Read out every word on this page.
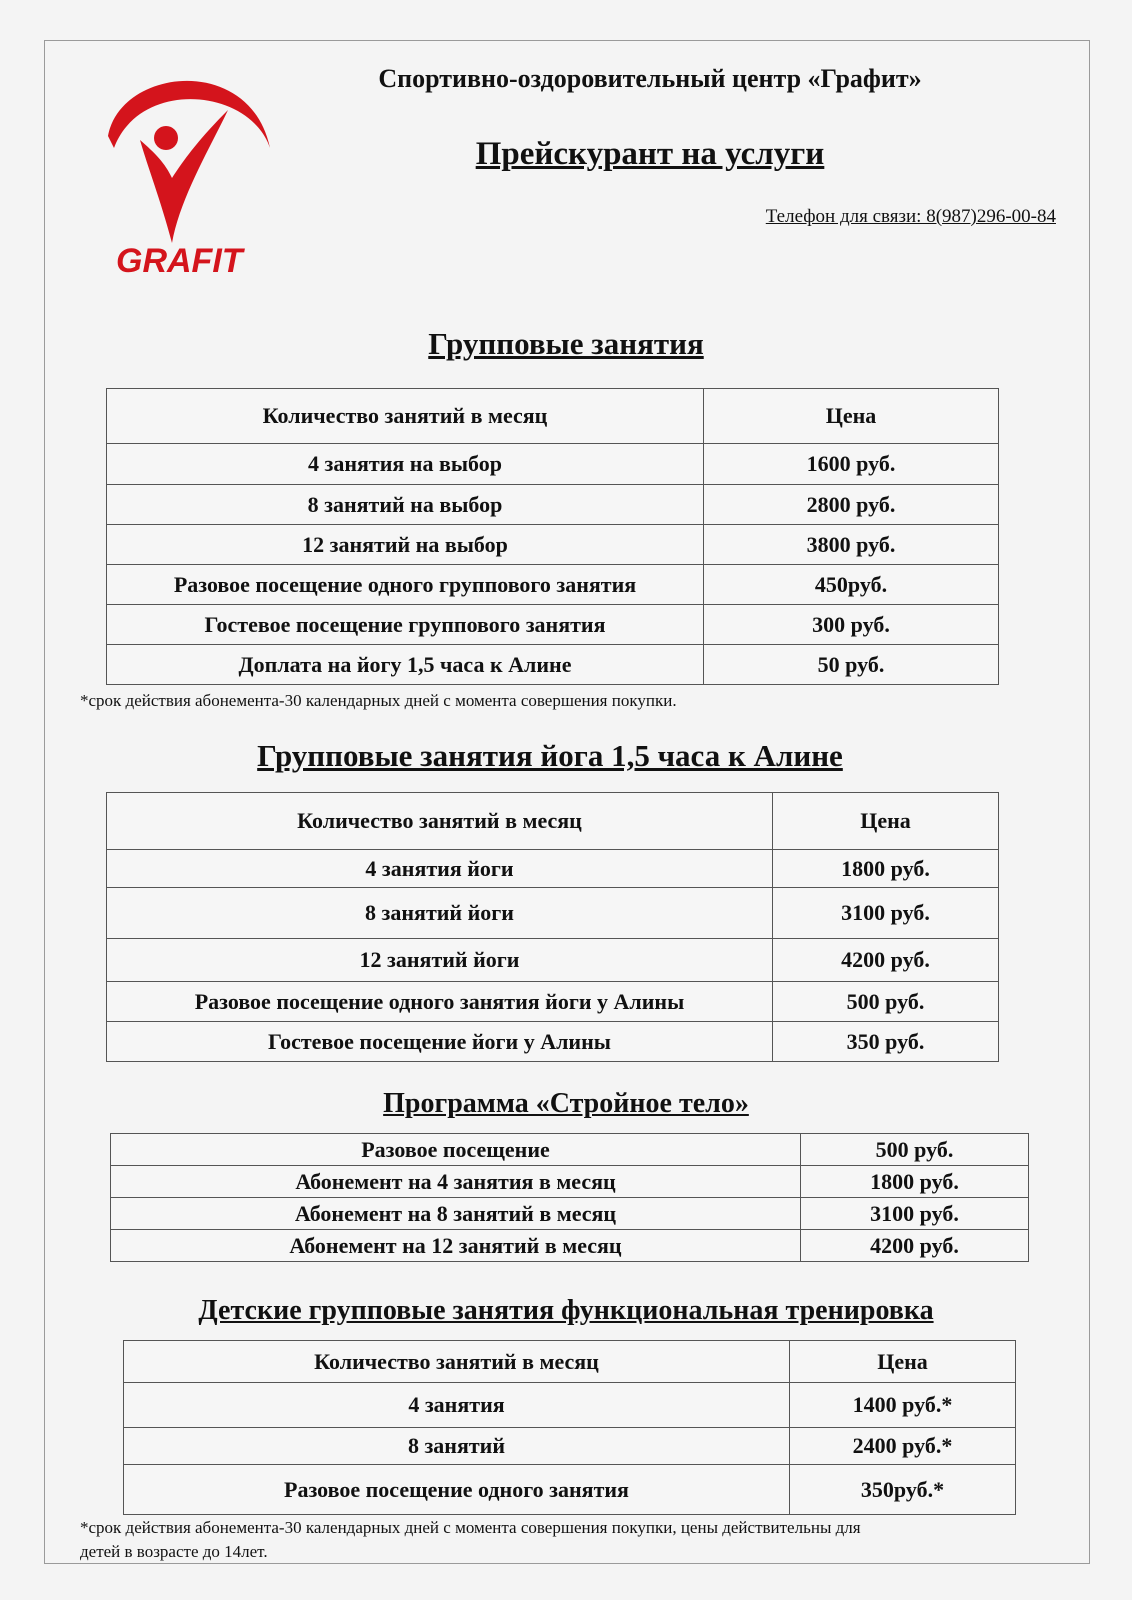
GRAFIT
Спортивно-оздоровительный центр «Графит»
Прейскурант на услуги
Телефон для связи: 8(987)296-00-84
Групповые занятия
Количество занятий в месяц	Цена
4 занятия на выбор	1600 руб.
8 занятий на выбор	2800 руб.
12 занятий на выбор	3800 руб.
Разовое посещение одного группового занятия	450руб.
Гостевое посещение группового занятия	300 руб.
Доплата на йогу 1,5 часа к Алине	50 руб.
*срок действия абонемента-30 календарных дней с момента совершения покупки.
Групповые занятия йога 1,5 часа к Алине
Количество занятий в месяц	Цена
4 занятия йоги	1800 руб.
8 занятий йоги	3100 руб.
12 занятий йоги	4200 руб.
Разовое посещение одного занятия йоги у Алины	500 руб.
Гостевое посещение йоги у Алины	350 руб.
Программа «Стройное тело»
Разовое посещение	500 руб.
Абонемент на 4 занятия в месяц	1800 руб.
Абонемент на 8 занятий в месяц	3100 руб.
Абонемент на 12 занятий в месяц	4200 руб.
Детские групповые занятия функциональная тренировка
Количество занятий в месяц	Цена
4 занятия	1400 руб.*
8 занятий	2400 руб.*
Разовое посещение одного занятия	350руб.*
*срок действия абонемента-30 календарных дней с момента совершения покупки, цены действительны для
детей в возрасте до 14лет.
